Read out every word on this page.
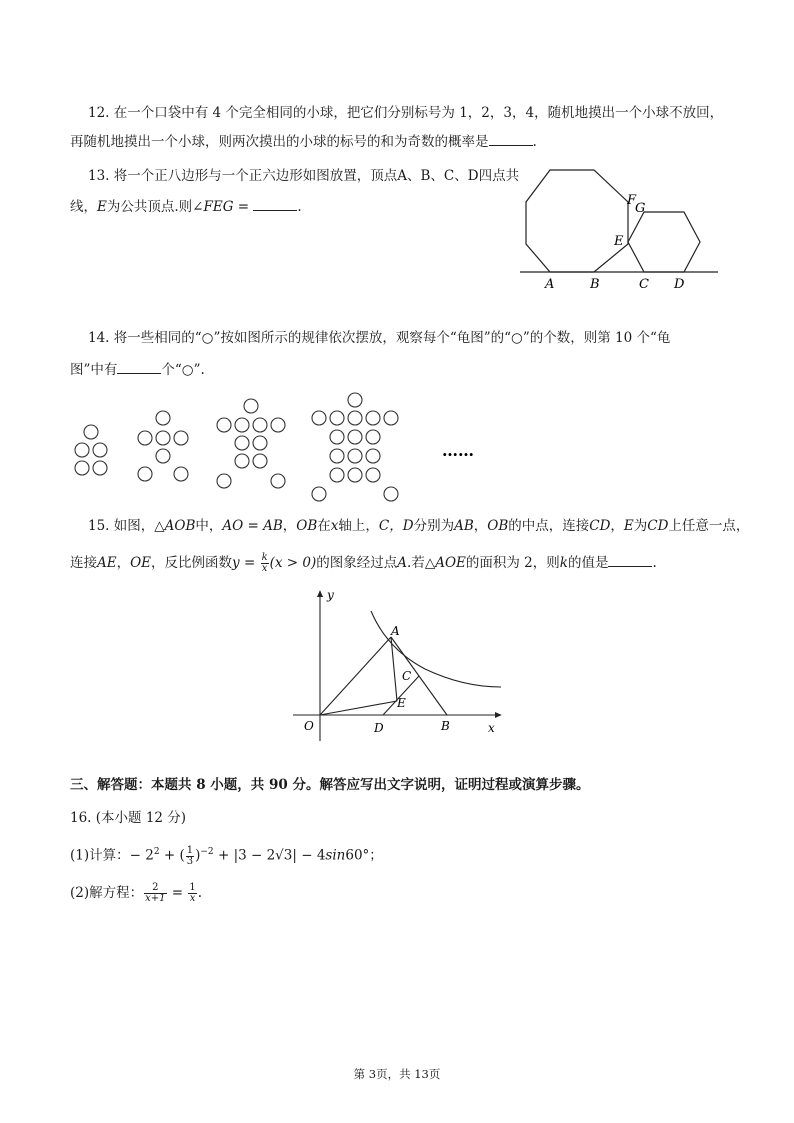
12. 在一个口袋中有 4 个完全相同的小球，把它们分别标号为 1，2，3，4，随机地摸出一个小球不放回，
再随机地摸出一个小球，则两次摸出的小球的标号的和为奇数的概率是	.
13. 将一个正八边形与一个正六边形如图放置，顶点A、B、C、D四点共
线，E为公共顶点.则∠FEG =	.
A	B	C D
E
F
G
14. 将一些相同的“○”按如图所示的规律依次摆放，观察每个“龟图”的“○”的个数，则第 10 个“龟
图”中有	个“○”.
……
15. 如图，△AOB中，AO = AB，OB在x轴上，C，D分别为AB，OB的中点，连接CD，E为CD上任意一点，
连接AE，OE，反比例函数$y = \frac{k}{x} (x > 0)$的图象经过点A.若△AOE的面积为 2，则k的值是	.
y
A
C
E
O	D	B	x
三、解答题：本题共 8 小题，共 90 分。解答应写出文字说明，证明过程或演算步骤。
16. (本小题 12 分)
(1)计算：− $2^2$ + ( $\frac{1}{3} )^{-2} + |3 - 2√3| - 4\sin 60^\circ$；
(2)解方程： $\frac{2}{x+1} = \frac{1}{x}$ .
第 3页，共 13页
